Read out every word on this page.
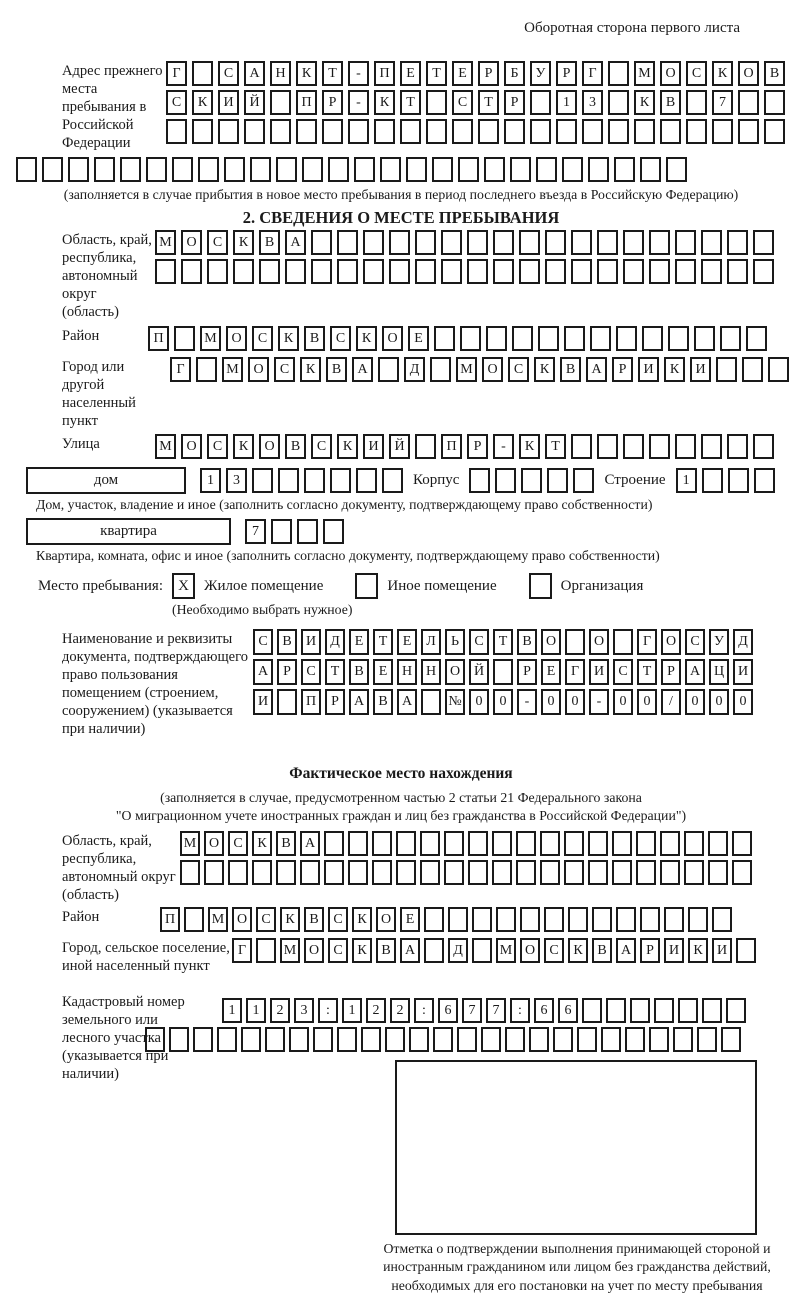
Оборотная сторона первого листа
Адрес прежнего места пребывания в Российской Федерации
Г	С	А	Н	К	Т	-	П	Е	Т	Е	Р	Б	У	Р	Г	М	О	С	К	О	В
С	К	И	Й	П	Р	-	К	Т	С	Т	Р	1	3	К	В	7
(заполняется в случае прибытия в новое место пребывания в период последнего въезда в Российскую Федерацию)
2. СВЕДЕНИЯ О МЕСТЕ ПРЕБЫВАНИЯ
Область, край, республика, автономный округ (область)
М	О	С	К	В	А
Район	П	М	О	С	К	В	С	К	О	Е
Город или другой населенный пункт
Г	М	О	С	К	В	А	Д	М	О	С	К	В	А	Р	И	К	И
Улица	М	О	С	К	О	В	С	К	И	Й	П	Р	-	К	Т
дом	1	3	Корпус	Строение	1
Дом, участок, владение и иное (заполнить согласно документу, подтверждающему право собственности)
квартира	7
Квартира, комната, офис и иное (заполнить согласно документу, подтверждающему право собственности)
Место пребывания:	X	Жилое помещение	Иное помещение	Организация
(Необходимо выбрать нужное)
Наименование и реквизиты документа, подтверждающего право пользования помещением (строением, сооружением) (указывается при наличии)
С	В	И	Д	Е	Т	Е	Л	Ь	С	Т	В	О	О	Г	О	С	У	Д
А	Р	С	Т	В	Е	Н Н О Й	Р	Е	Г	И	С	Т	Р	А Ц И
И	П	Р	А	В	А	№ 0	0	-	0	0	-	0	0	/	0	0	0
Фактическое место нахождения
(заполняется в случае, предусмотренном частью 2 статьи 21 Федерального закона
"О миграционном учете иностранных граждан и лиц без гражданства в Российской Федерации")
Область, край, республика, автономный округ (область)
М О	С	К	В	А
Район	П	М О	С	К	В	С	К	О	Е
Город, сельское поселение, иной населенный пункт
Г	М О	С	К	В	А	Д	М О	С	К	В	А	Р	И	К	И
Кадастровый номер земельного или лесного участка (указывается при наличии)
1	1	2	3	:	1	2	2	:	6	7	7	:	6	6
Отметка о подтверждении выполнения принимающей стороной и иностранным гражданином или лицом без гражданства действий, необходимых для его постановки на учет по месту пребывания
